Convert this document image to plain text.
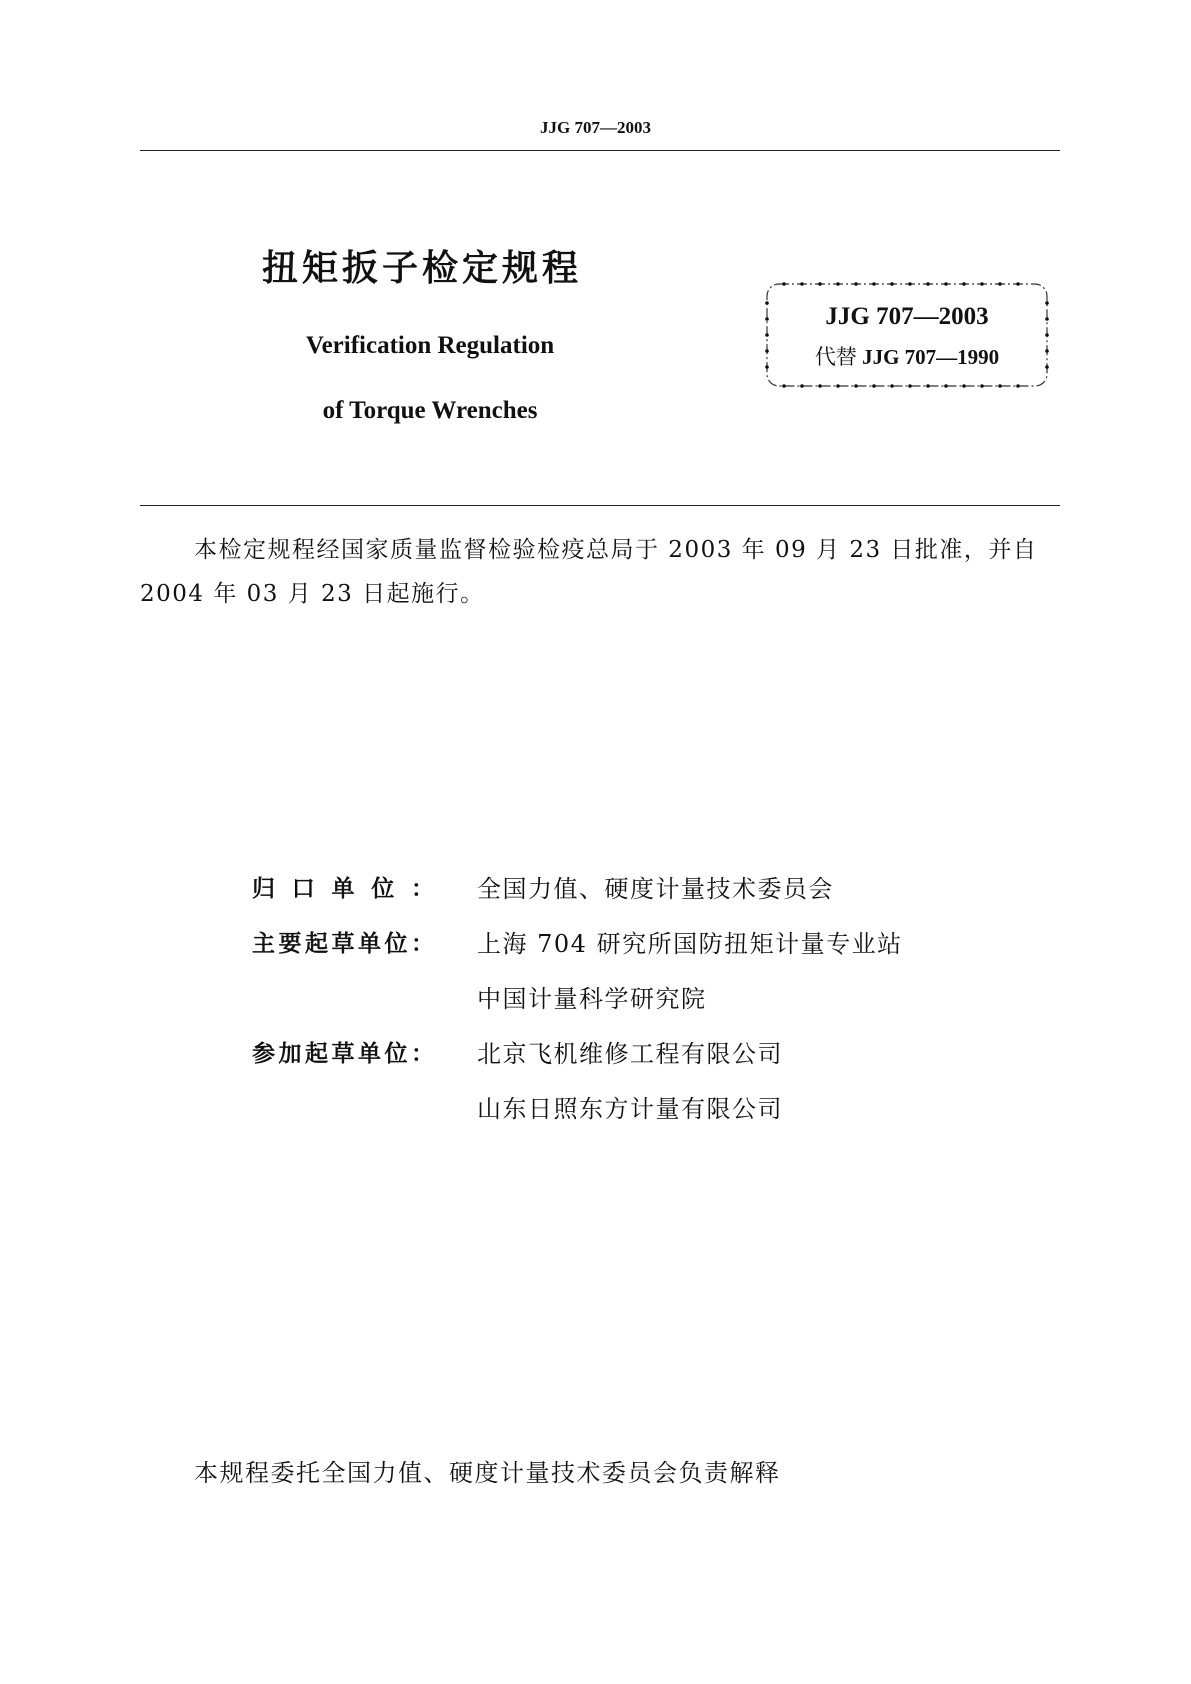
JJG 707—2003
扭矩扳子检定规程
Verification Regulation
of Torque Wrenches
JJG 707—2003
代替 JJG 707—1990
本检定规程经国家质量监督检验检疫总局于 2003 年 09 月 23 日批准，并自 2004 年 03 月 23 日起施行。
归口单位： 全国力值、硬度计量技术委员会
主要起草单位： 上海 704 研究所国防扭矩计量专业站
中国计量科学研究院
参加起草单位： 北京飞机维修工程有限公司
山东日照东方计量有限公司
本规程委托全国力值、硬度计量技术委员会负责解释
